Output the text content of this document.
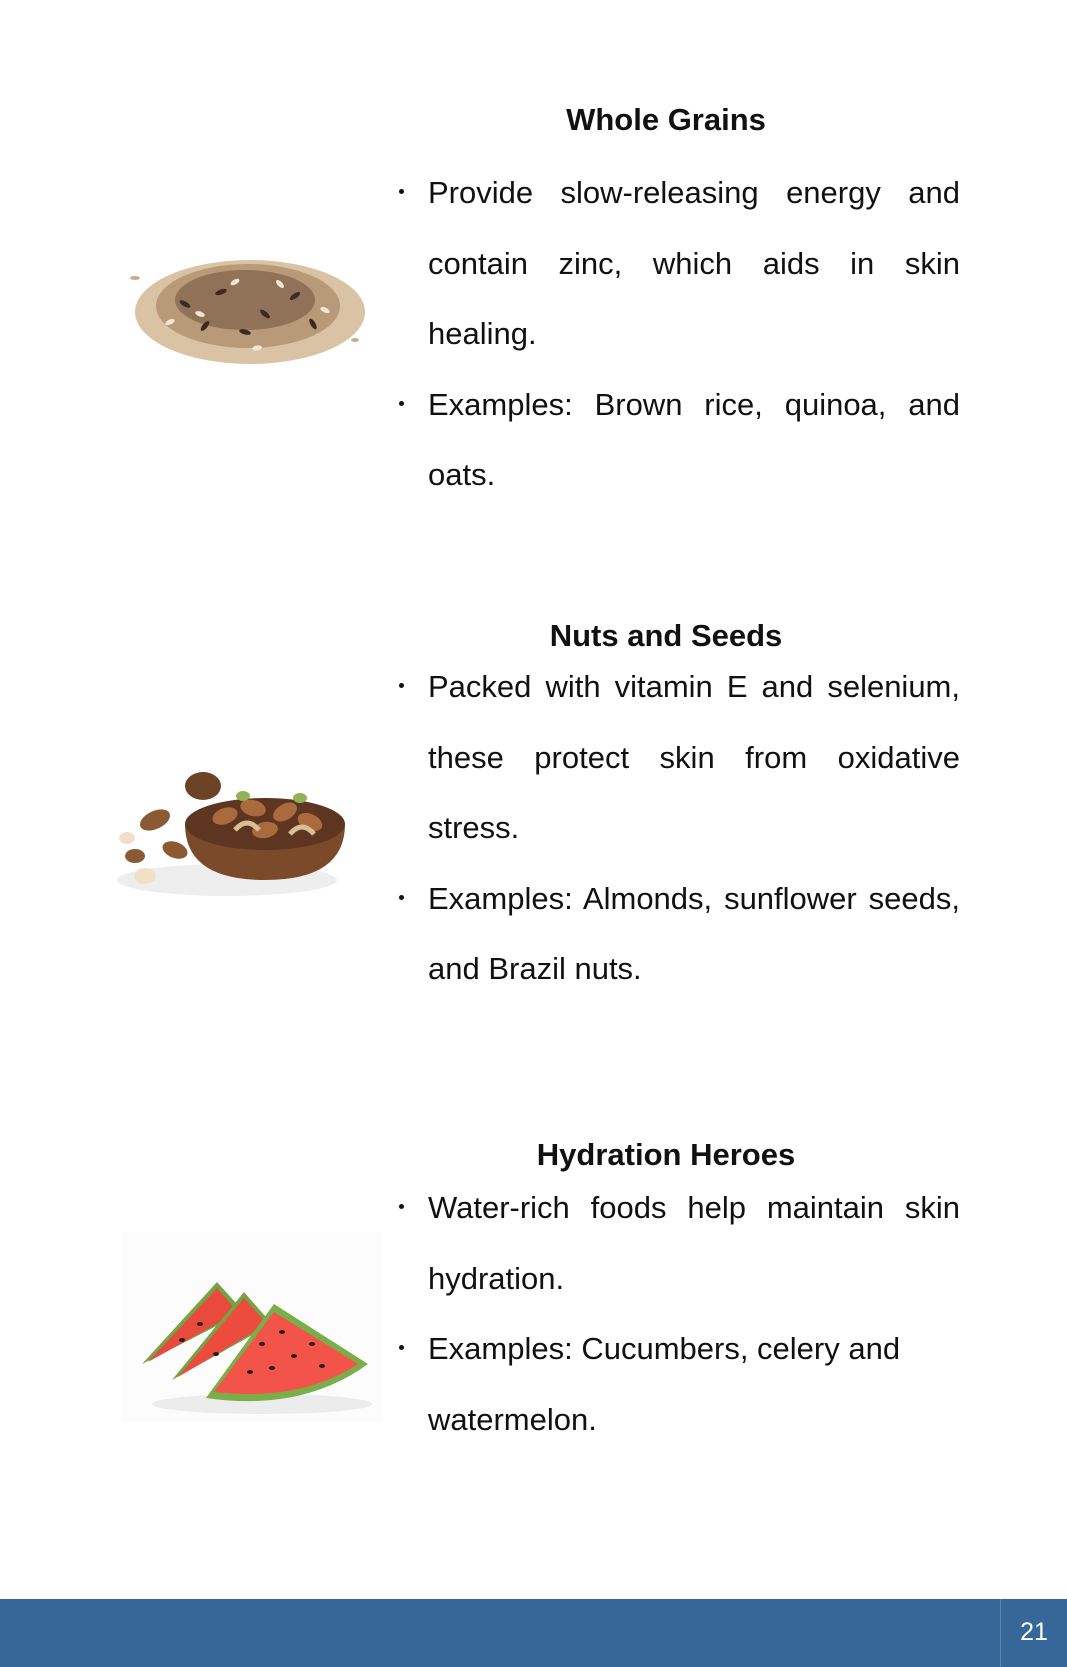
Whole Grains
Provide slow-releasing energy and contain zinc, which aids in skin healing.
Examples: Brown rice, quinoa, and oats.
Nuts and Seeds
Packed with vitamin E and selenium, these protect skin from oxidative stress.
Examples: Almonds, sunflower seeds, and Brazil nuts.
Hydration Heroes
Water-rich foods help maintain skin hydration.
Examples: Cucumbers, celery and watermelon.
21
